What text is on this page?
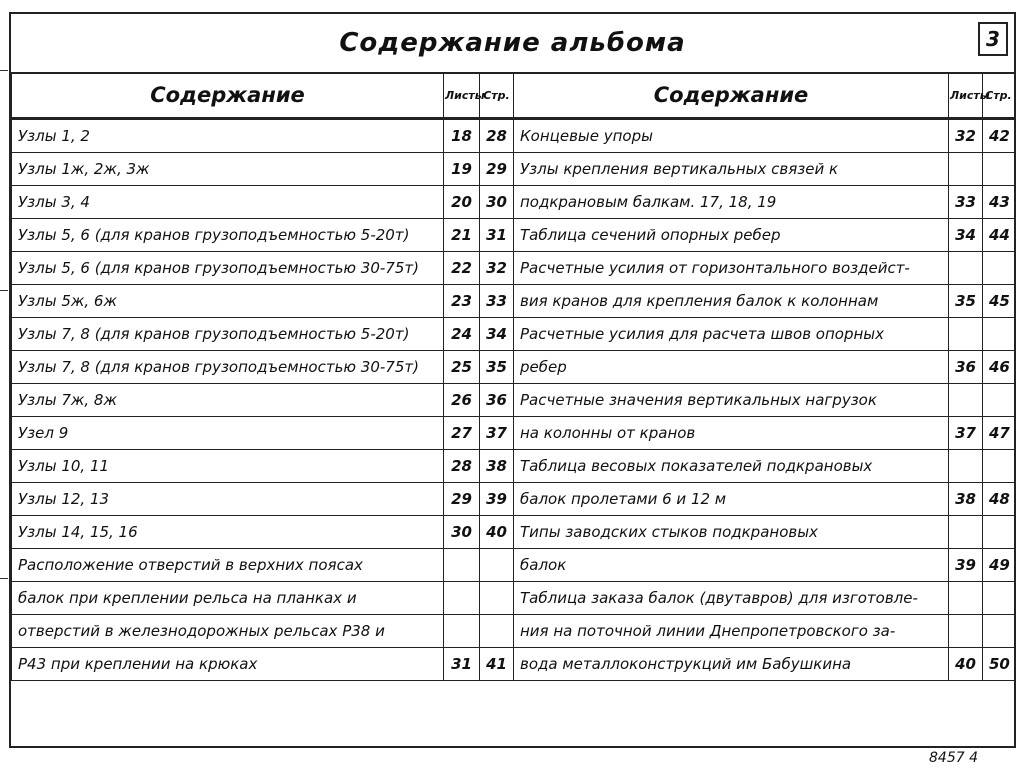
Содержание альбома	3
Содержание	Листы	Стр.	Содержание	Листы	Стр.
Узлы 1, 2	18	28	Концевые упоры	32	42
Узлы 1ж, 2ж, 3ж	19	29	Узлы крепления вертикальных связей к		
Узлы 3, 4	20	30	подкрановым балкам. 17, 18, 19	33	43
Узлы 5, 6 (для кранов грузоподъемностью 5-20т)	21	31	Таблица сечений опорных ребер	34	44
Узлы 5, 6 (для кранов грузоподъемностью 30-75т)	22	32	Расчетные усилия от горизонтального воздейст-		
Узлы 5ж, 6ж	23	33	вия кранов для крепления балок к колоннам	35	45
Узлы 7, 8 (для кранов грузоподъемностью 5-20т)	24	34	Расчетные усилия для расчета швов опорных		
Узлы 7, 8 (для кранов грузоподъемностью 30-75т)	25	35	ребер	36	46
Узлы 7ж, 8ж	26	36	Расчетные значения вертикальных нагрузок		
Узел 9	27	37	на колонны от кранов	37	47
Узлы 10, 11	28	38	Таблица весовых показателей подкрановых		
Узлы 12, 13	29	39	балок пролетами 6 и 12 м	38	48
Узлы 14, 15, 16	30	40	Типы заводских стыков подкрановых		
Расположение отверстий в верхних поясах			балок	39	49
балок при креплении рельса на планках и			Таблица заказа балок (двутавров) для изготовле-		
отверстий в железнодорожных рельсах Р38 и			ния на поточной линии Днепропетровского за-		
Р43 при креплении на крюках	31	41	вода металлоконструкций им Бабушкина	40	50
8457 4
